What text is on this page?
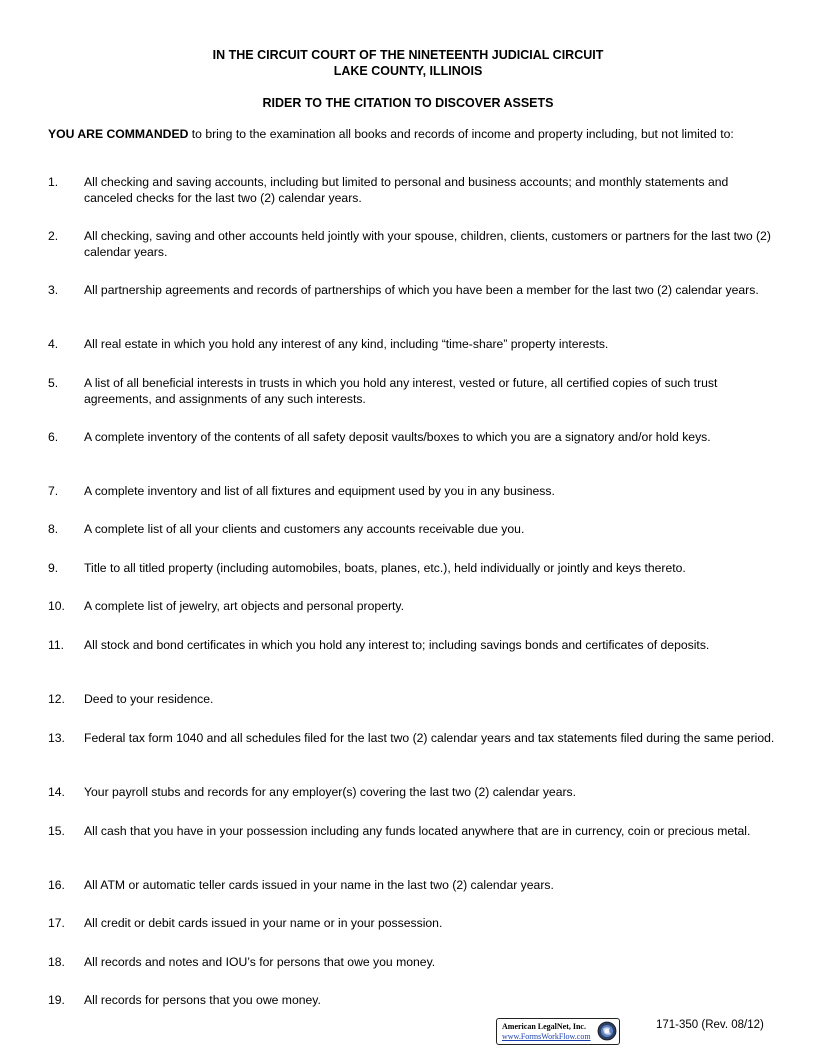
IN THE CIRCUIT COURT OF THE NINETEENTH JUDICIAL CIRCUIT
LAKE COUNTY, ILLINOIS
RIDER TO THE CITATION TO DISCOVER ASSETS
YOU ARE COMMANDED to bring to the examination all books and records of income and property including, but not limited to:
1. All checking and saving accounts, including but limited to personal and business accounts; and monthly statements and canceled checks for the last two (2) calendar years.
2. All checking, saving and other accounts held jointly with your spouse, children, clients, customers or partners for the last two (2) calendar years.
3. All partnership agreements and records of partnerships of which you have been a member for the last two (2) calendar years.
4. All real estate in which you hold any interest of any kind, including “time-share” property interests.
5. A list of all beneficial interests in trusts in which you hold any interest, vested or future, all certified copies of such trust agreements, and assignments of any such interests.
6. A complete inventory of the contents of all safety deposit vaults/boxes to which you are a signatory and/or hold keys.
7. A complete inventory and list of all fixtures and equipment used by you in any business.
8. A complete list of all your clients and customers any accounts receivable due you.
9. Title to all titled property (including automobiles, boats, planes, etc.), held individually or jointly and keys thereto.
10. A complete list of jewelry, art objects and personal property.
11. All stock and bond certificates in which you hold any interest to; including savings bonds and certificates of deposits.
12. Deed to your residence.
13. Federal tax form 1040 and all schedules filed for the last two (2) calendar years and tax statements filed during the same period.
14. Your payroll stubs and records for any employer(s) covering the last two (2) calendar years.
15. All cash that you have in your possession including any funds located anywhere that are in currency, coin or precious metal.
16. All ATM or automatic teller cards issued in your name in the last two (2) calendar years.
17. All credit or debit cards issued in your name or in your possession.
18. All records and notes and IOU’s for persons that owe you money.
19. All records for persons that you owe money.
American LegalNet, Inc.
www.FormsWorkFlow.com
171-350 (Rev. 08/12)
